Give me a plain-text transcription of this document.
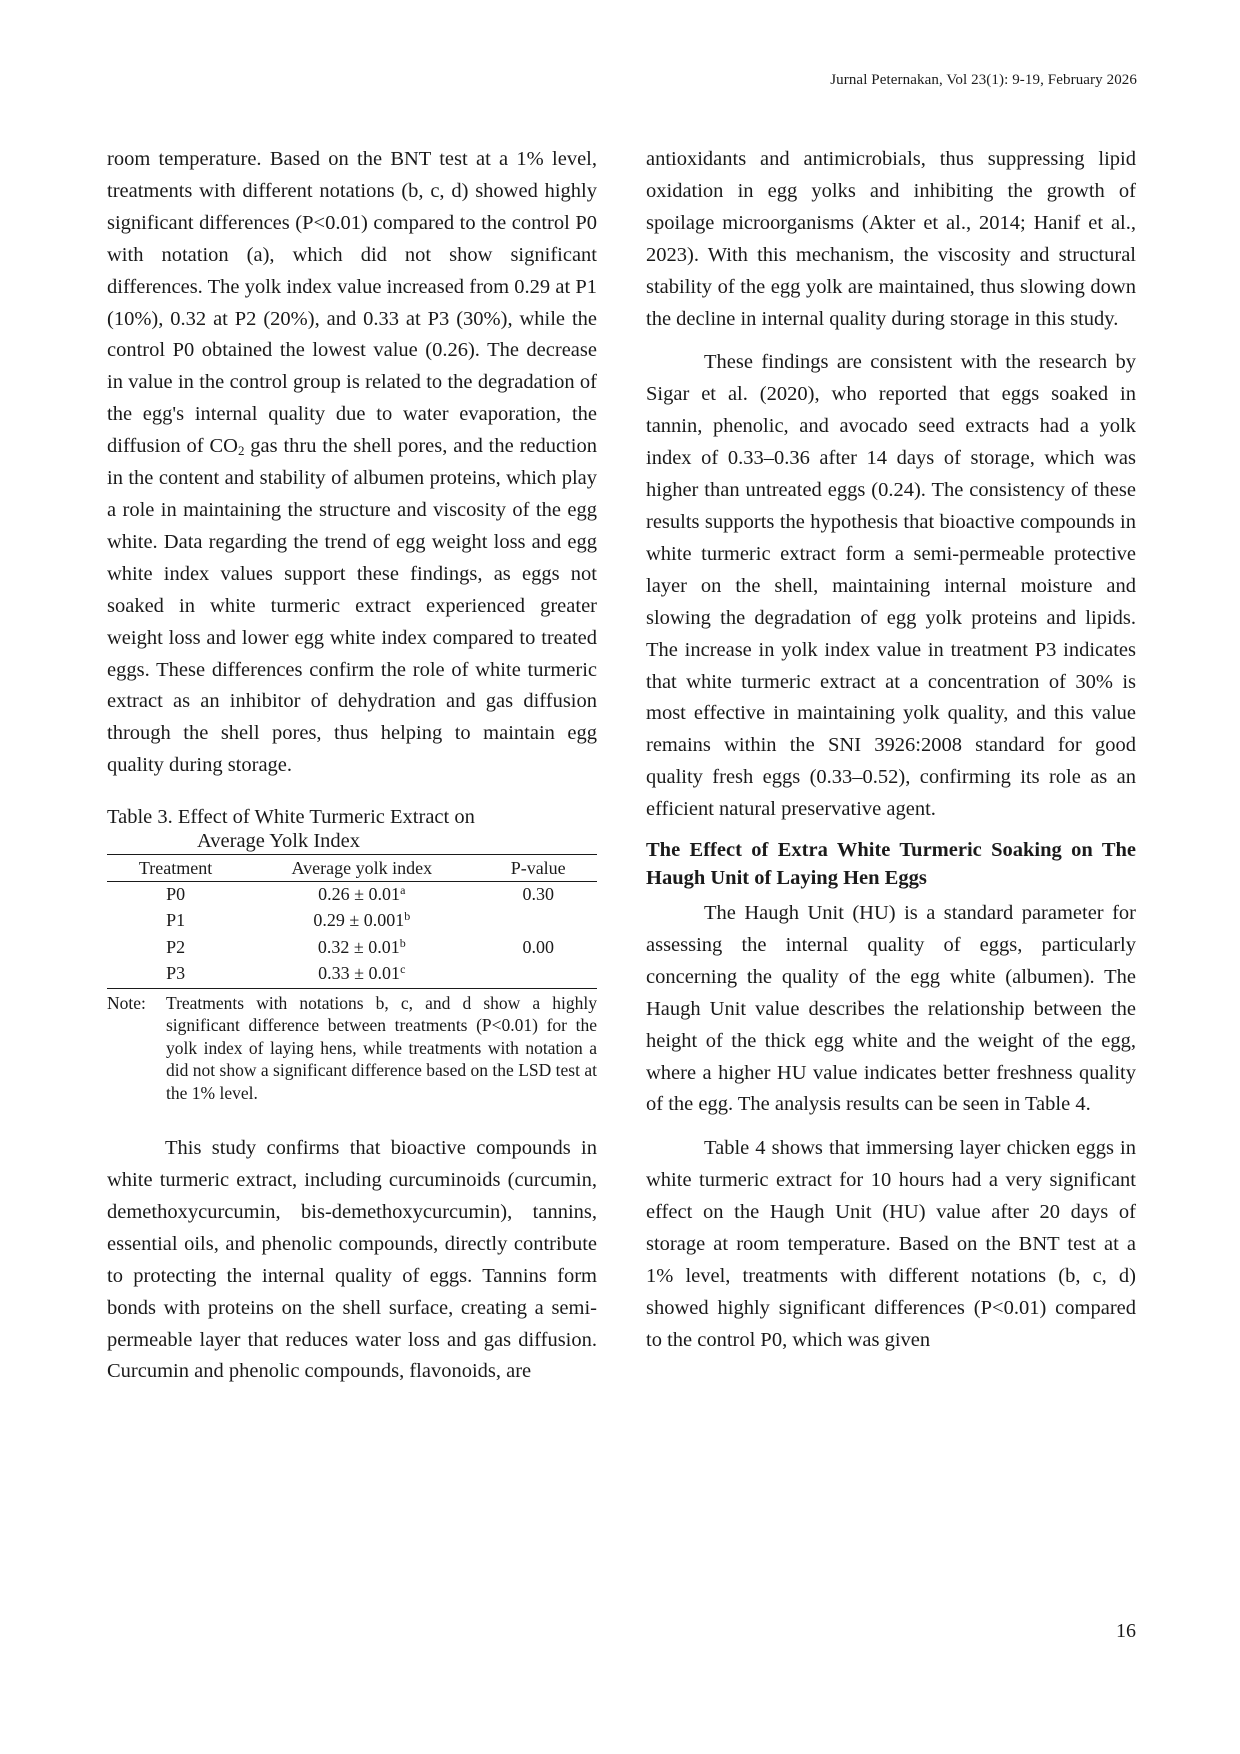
Jurnal Peternakan, Vol 23(1): 9-19, February 2026

room temperature. Based on the BNT test at a 1% level, treatments with different notations (b, c, d) showed highly significant differences (P<0.01) compared to the control P0 with notation (a), which did not show significant differences. The yolk index value increased from 0.29 at P1 (10%), 0.32 at P2 (20%), and 0.33 at P3 (30%), while the control P0 obtained the lowest value (0.26). The decrease in value in the control group is related to the degradation of the egg's internal quality due to water evaporation, the diffusion of $CO_2$ gas thru the shell pores, and the reduction in the content and stability of albumen proteins, which play a role in maintaining the structure and viscosity of the egg white. Data regarding the trend of egg weight loss and egg white index values support these findings, as eggs not soaked in white turmeric extract experienced greater weight loss and lower egg white index compared to treated eggs. These differences confirm the role of white turmeric extract as an inhibitor of dehydration and gas diffusion through the shell pores, thus helping to maintain egg quality during storage.

Table 3. Effect of White Turmeric Extract on
Average Yolk Index
Treatment	Average yolk index	P-value
P0	0.26 ± 0.01$^a$	0.30
P1	0.29 ± 0.001$^b$	
P2	0.32 ± 0.01$^b$	0.00
P3	0.33 ± 0.01$^c$	
Note:	Treatments with notations b, c, and d show a highly significant difference between treatments (P<0.01) for the yolk index of laying hens, while treatments with notation a did not show a significant difference based on the LSD test at the 1% level.

This study confirms that bioactive compounds in white turmeric extract, including curcuminoids (curcumin, demethoxycurcumin, bis-demethoxycurcumin), tannins, essential oils, and phenolic compounds, directly contribute to protecting the internal quality of eggs. Tannins form bonds with proteins on the shell surface, creating a semi-permeable layer that reduces water loss and gas diffusion. Curcumin and phenolic compounds, flavonoids, are

antioxidants and antimicrobials, thus suppressing lipid oxidation in egg yolks and inhibiting the growth of spoilage microorganisms (Akter et al., 2014; Hanif et al., 2023). With this mechanism, the viscosity and structural stability of the egg yolk are maintained, thus slowing down the decline in internal quality during storage in this study.

These findings are consistent with the research by Sigar et al. (2020), who reported that eggs soaked in tannin, phenolic, and avocado seed extracts had a yolk index of 0.33–0.36 after 14 days of storage, which was higher than untreated eggs (0.24). The consistency of these results supports the hypothesis that bioactive compounds in white turmeric extract form a semi-permeable protective layer on the shell, maintaining internal moisture and slowing the degradation of egg yolk proteins and lipids. The increase in yolk index value in treatment P3 indicates that white turmeric extract at a concentration of 30% is most effective in maintaining yolk quality, and this value remains within the SNI 3926:2008 standard for good quality fresh eggs (0.33–0.52), confirming its role as an efficient natural preservative agent.

The Effect of Extra White Turmeric Soaking on The Haugh Unit of Laying Hen Eggs

The Haugh Unit (HU) is a standard parameter for assessing the internal quality of eggs, particularly concerning the quality of the egg white (albumen). The Haugh Unit value describes the relationship between the height of the thick egg white and the weight of the egg, where a higher HU value indicates better freshness quality of the egg. The analysis results can be seen in Table 4.

Table 4 shows that immersing layer chicken eggs in white turmeric extract for 10 hours had a very significant effect on the Haugh Unit (HU) value after 20 days of storage at room temperature. Based on the BNT test at a 1% level, treatments with different notations (b, c, d) showed highly significant differences (P<0.01) compared to the control P0, which was given

16
